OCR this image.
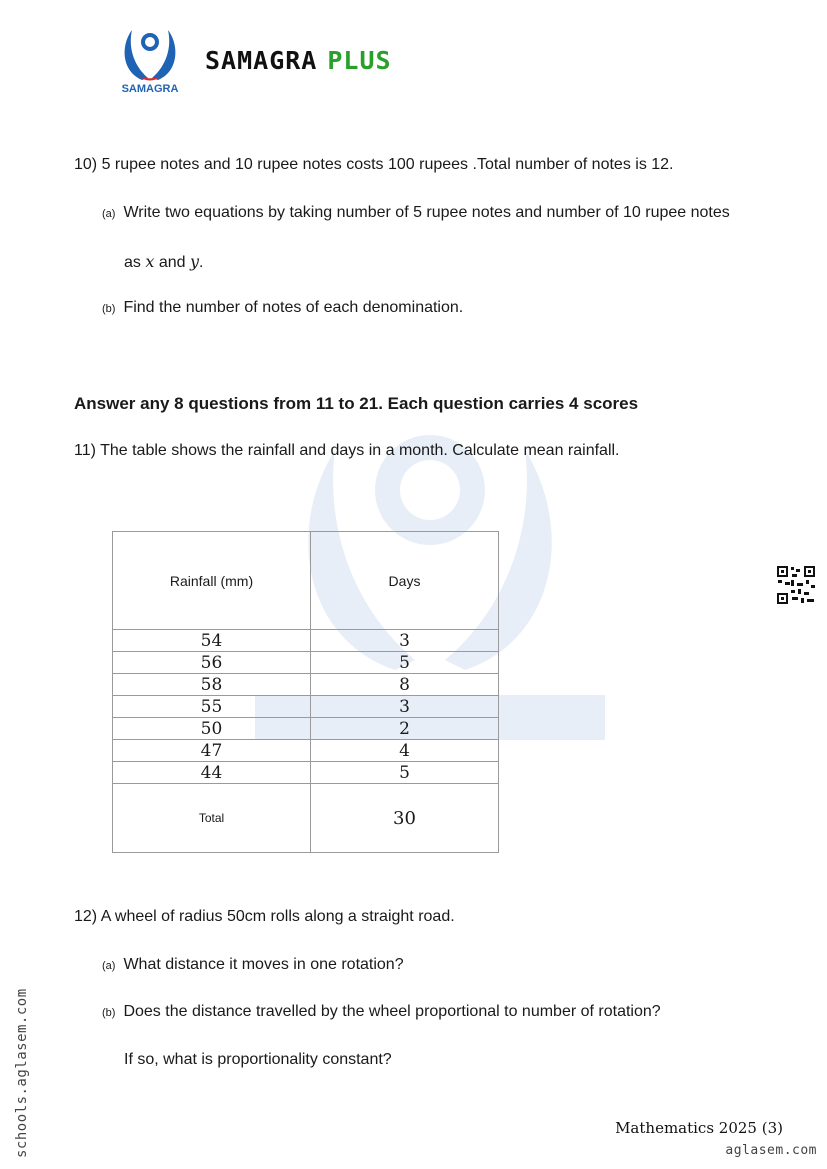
SAMAGRA
SAMAGRA PLUS
10) 5 rupee notes and 10 rupee notes costs 100 rupees .Total number of notes is 12.
(a) Write two equations by taking number of 5 rupee notes and number of 10 rupee notes
as x and y.
(b) Find the number of notes of each denomination.
Answer any 8 questions from 11 to 21. Each question carries 4 scores
11) The table shows the rainfall and days in a month. Calculate mean rainfall.
Rainfall (mm)	Days
54	3
56	5
58	8
55	3
50	2
47	4
44	5
Total	30
12) A wheel of radius 50cm rolls along a straight road.
(a) What distance it moves in one rotation?
(b) Does the distance travelled by the wheel proportional to number of rotation?
If so, what is proportionality constant?
schools.aglasem.com	Mathematics 2025 (3)
aglasem.com
